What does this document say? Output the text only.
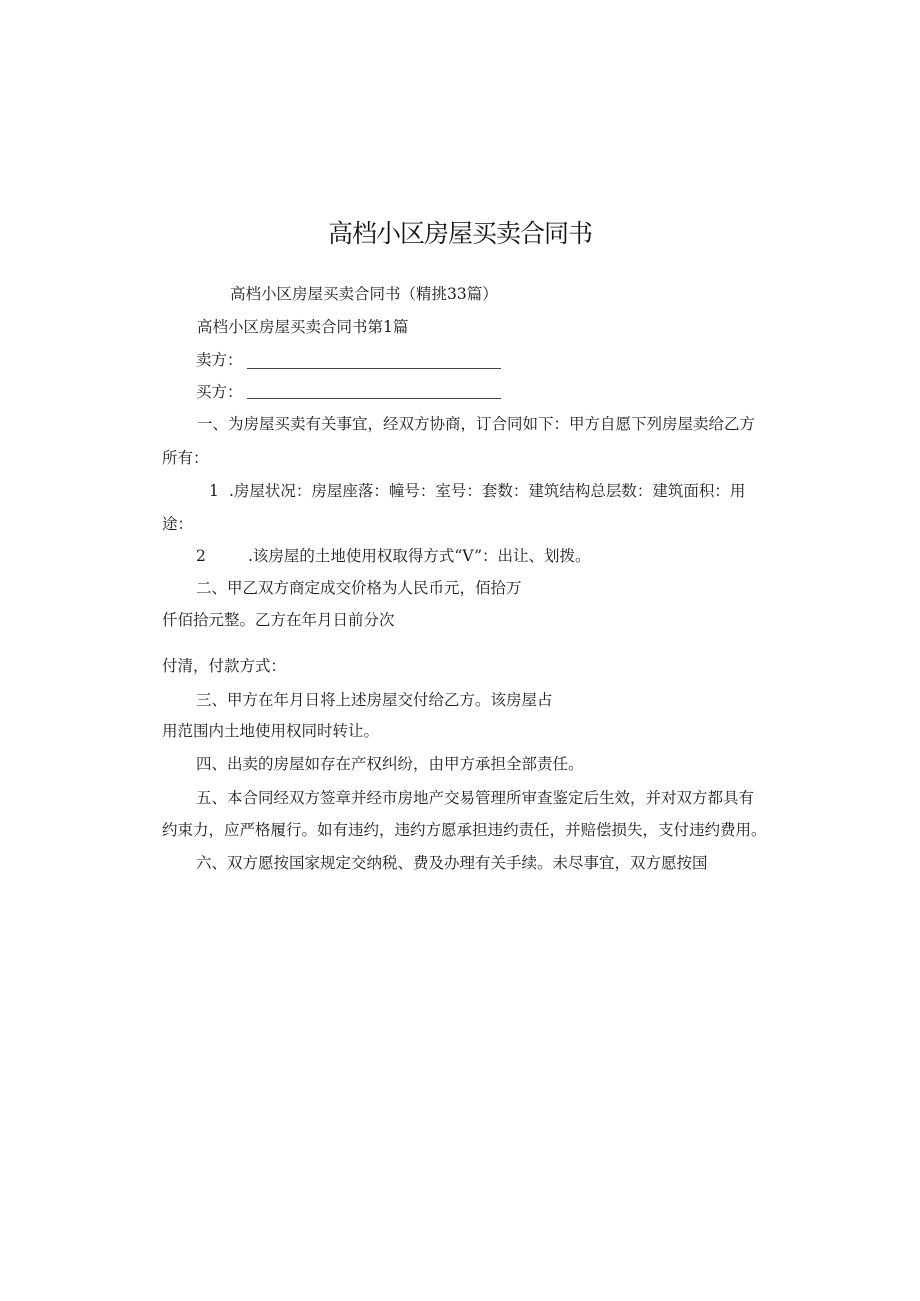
高档小区房屋买卖合同书
高档小区房屋买卖合同书（精挑33篇）
高档小区房屋买卖合同书第1篇
卖方：
买方：
一、为房屋买卖有关事宜，经双方协商，订合同如下：甲方自愿下列房屋卖给乙方
所有：
1 .房屋状况：房屋座落：幢号：室号：套数：建筑结构总层数：建筑面积：用
途：
2	.该房屋的土地使用权取得方式“V”：出让、划拨。
二、甲乙双方商定成交价格为人民币元，佰拾万
仟佰拾元整。乙方在年月日前分次
付清，付款方式：
三、甲方在年月日将上述房屋交付给乙方。该房屋占
用范围内土地使用权同时转让。
四、出卖的房屋如存在产权纠纷，由甲方承担全部责任。
五、本合同经双方签章并经市房地产交易管理所审查鉴定后生效，并对双方都具有
约束力，应严格履行。如有违约，违约方愿承担违约责任，并赔偿损失，支付违约费用。
六、双方愿按国家规定交纳税、费及办理有关手续。未尽事宜，双方愿按国
